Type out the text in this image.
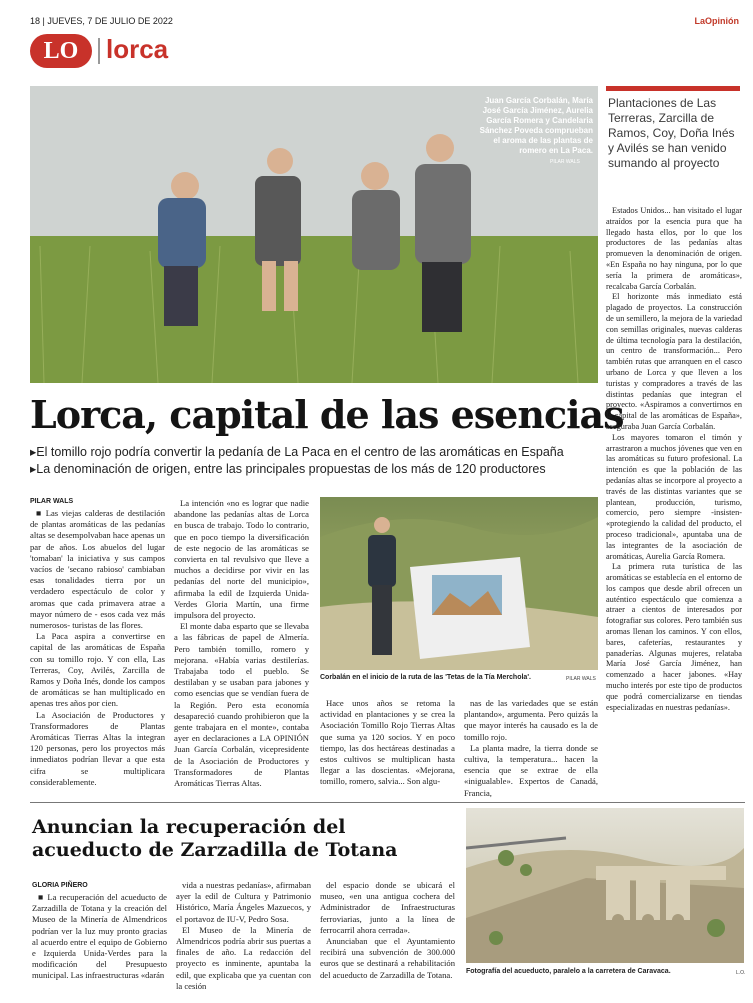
18 | JUEVES, 7 DE JULIO DE 2022	LaOpinión
LO	lorca
Juan García Corbalán, María José García Jiménez, Aurelia García Romera y Candelaria Sánchez Poveda comprueban el aroma de las plantas de romero en La Paca.
PILAR WALS
Plantaciones de Las Terreras, Zarcilla de Ramos, Coy, Doña Inés y Avilés se han venido sumando al proyecto
Lorca, capital de las esencias
▸ El tomillo rojo podría convertir la pedanía de La Paca en el centro de las aromáticas en España
▸ La denominación de origen, entre las principales propuestas de los más de 120 productores
PILAR WALS

■ Las viejas calderas de destilación de plantas aromáticas de las pedanías altas se desempolvaban hace apenas un par de años. Los abuelos del lugar 'tomaban' la iniciativa y sus campos vacíos de 'secano rabioso' cambiaban esas tonalidades tierra por un verdadero espectáculo de color y aromas que cada primavera atrae a mayor número de - esos cada vez más numerosos- turistas de las flores.

La Paca aspira a convertirse en capital de las aromáticas de España con su tomillo rojo. Y con ella, Las Terreras, Coy, Avilés, Zarcilla de Ramos y Doña Inés, donde los campos de aromáticas se han multiplicado en apenas tres años por cien.

La Asociación de Productores y Transformadores de Plantas Aromáticas Tierras Altas la integran 120 personas, pero los proyectos más inmediatos podrían llevar a que esta cifra se multiplicara considerablemente.

La intención «no es lograr que nadie abandone las pedanías altas de Lorca en busca de trabajo. Todo lo contrario, que en poco tiempo la diversificación de este negocio de las aromáticas se convierta en tal revulsivo que lleve a muchos a decidirse por vivir en las pedanías del norte del municipio», afirmaba la edil de Izquierda Unida-Verdes Gloria Martín, una firme impulsora del proyecto.

El monte daba esparto que se llevaba a las fábricas de papel de Almería. Pero también tomillo, romero y mejorana. «Había varias destilerías. Trabajaba todo el pueblo. Se destilaban y se usaban para jabones y como esencias que se vendían fuera de la Región. Pero esta economía desapareció cuando prohibieron que la gente trabajara en el monte», contaba ayer en declaraciones a LA OPINIÓN Juan García Corbalán, vicepresidente de la Asociación de Productores y Transformadores de Plantas Aromáticas Tierras Altas.

Corbalán en el inicio de la ruta de las 'Tetas de la Tía Merchola'.	PILAR WALS

Hace unos años se retoma la actividad en plantaciones y se crea la Asociación Tomillo Rojo Tierras Altas que suma ya 120 socios. Y en poco tiempo, las dos hectáreas destinadas a estos cultivos se multiplican hasta llegar a las doscientas. «Mejorana, tomillo, romero, salvia... Son algu-

nas de las variedades que se están plantando», argumenta. Pero quizás la que mayor interés ha causado es la de tomillo rojo.

La planta madre, la tierra donde se cultiva, la temperatura... hacen la esencia que se extrae de ella «inigualable». Expertos de Canadá, Francia,

Estados Unidos... han visitado el lugar atraídos por la esencia pura que ha llegado hasta ellos, por lo que los productores de las pedanías altas promueven la denominación de origen. «En España no hay ninguna, por lo que sería la primera de aromáticas», recalcaba García Corbalán.

El horizonte más inmediato está plagado de proyectos. La construcción de un semillero, la mejora de la variedad con semillas originales, nuevas calderas de última tecnología para la destilación, un centro de transformación... Pero también rutas que arranquen en el casco urbano de Lorca y que lleven a los turistas y compradores a través de las distintas pedanías que integran el proyecto. «Aspiramos a convertirnos en la capital de las aromáticas de España», aseguraba Juan García Corbalán.

Los mayores tomaron el timón y arrastraron a muchos jóvenes que ven en las aromáticas su futuro profesional. La intención es que la población de las pedanías altas se incorpore al proyecto a través de las distintas variantes que se plantean, producción, turismo, comercio, pero siempre -insisten- «protegiendo la calidad del producto, el proceso tradicional», apuntaba una de las integrantes de la asociación de aromáticas, Aurelia García Romera.

La primera ruta turística de las aromáticas se establecía en el entorno de los campos que desde abril ofrecen un auténtico espectáculo que comienza a atraer a cientos de interesados por fotografiar sus colores. Pero también sus aromas llenan los caminos. Y con ellos, bares, cafeterías, restaurantes y panaderías. Algunas mujeres, relataba María José García Jiménez, han comenzado a hacer jabones. «Hay mucho interés por este tipo de productos que podrá comercializarse en tiendas especializadas en nuestras pedanías».

Anuncian la recuperación del acueducto de Zarzadilla de Totana
GLORIA PIÑERO

■ La recuperación del acueducto de Zarzadilla de Totana y la creación del Museo de la Minería de Almendricos podrían ver la luz muy pronto gracias al acuerdo entre el equipo de Gobierno e Izquierda Unida-Verdes para la modificación del Presupuesto municipal. Las infraestructuras «darán

vida a nuestras pedanías», afirmaban ayer la edil de Cultura y Patrimonio Histórico, María Ángeles Mazuecos, y el portavoz de IU-V, Pedro Sosa.

El Museo de la Minería de Almendricos podría abrir sus puertas a finales de año. La redacción del proyecto es inminente, apuntaba la edil, que explicaba que ya cuentan con la cesión

del espacio donde se ubicará el museo, «en una antigua cochera del Administrador de Infraestructuras ferroviarias, junto a la línea de ferrocarril ahora cerrada».

Anunciaban que el Ayuntamiento recibirá una subvención de 300.000 euros que se destinará a rehabilitación del acueducto de Zarzadilla de Totana.	Fotografía del acueducto, paralelo a la carretera de Caravaca.	L.O.
